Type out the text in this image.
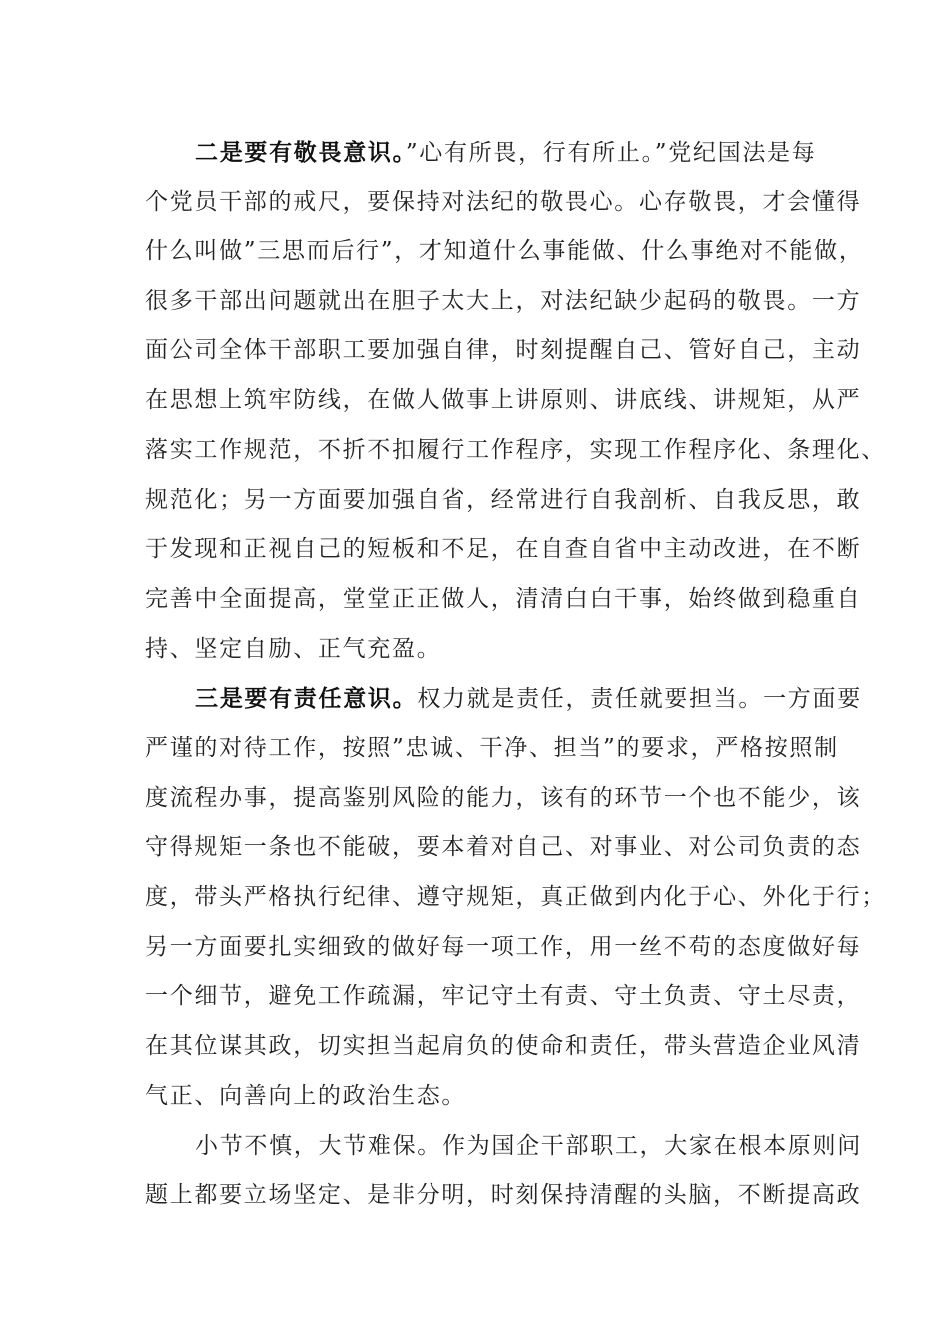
二是要有敬畏意识。”心有所畏，行有所止。”党纪国法是每
个党员干部的戒尺，要保持对法纪的敬畏心。心存敬畏，才会懂得
什么叫做”三思而后行”，才知道什么事能做、什么事绝对不能做，
很多干部出问题就出在胆子太大上，对法纪缺少起码的敬畏。一方
面公司全体干部职工要加强自律，时刻提醒自己、管好自己，主动
在思想上筑牢防线，在做人做事上讲原则、讲底线、讲规矩，从严
落实工作规范，不折不扣履行工作程序，实现工作程序化、条理化、
规范化；另一方面要加强自省，经常进行自我剖析、自我反思，敢
于发现和正视自己的短板和不足，在自查自省中主动改进，在不断
完善中全面提高，堂堂正正做人，清清白白干事，始终做到稳重自
持、坚定自励、正气充盈。
三是要有责任意识。权力就是责任，责任就要担当。一方面要
严谨的对待工作，按照”忠诚、干净、担当”的要求，严格按照制
度流程办事，提高鉴别风险的能力，该有的环节一个也不能少，该
守得规矩一条也不能破，要本着对自己、对事业、对公司负责的态
度，带头严格执行纪律、遵守规矩，真正做到内化于心、外化于行；
另一方面要扎实细致的做好每一项工作，用一丝不苟的态度做好每
一个细节，避免工作疏漏，牢记守土有责、守土负责、守土尽责，
在其位谋其政，切实担当起肩负的使命和责任，带头营造企业风清
气正、向善向上的政治生态。
小节不慎，大节难保。作为国企干部职工，大家在根本原则问
题上都要立场坚定、是非分明，时刻保持清醒的头脑，不断提高政
